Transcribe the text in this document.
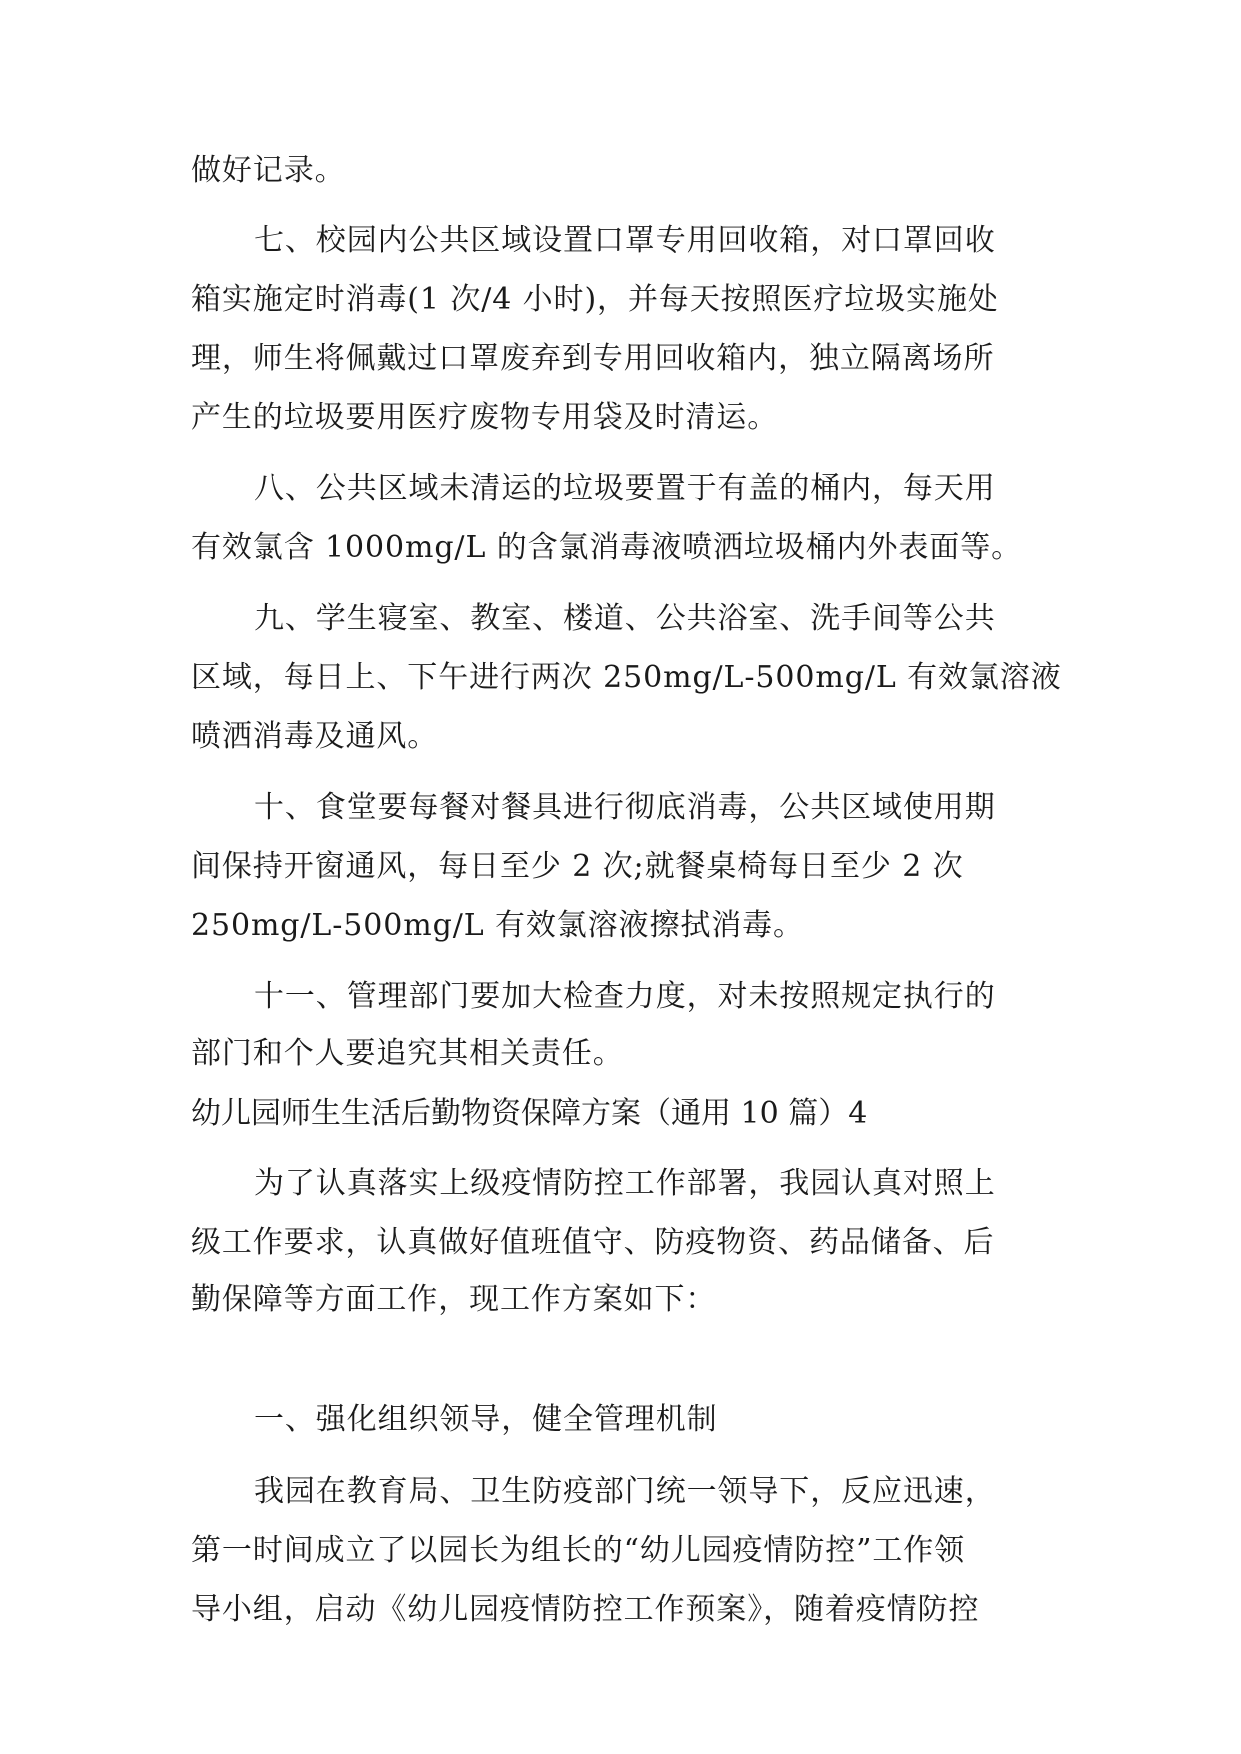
做好记录。
七、校园内公共区域设置口罩专用回收箱，对口罩回收
箱实施定时消毒(1 次/4 小时)，并每天按照医疗垃圾实施处
理，师生将佩戴过口罩废弃到专用回收箱内，独立隔离场所
产生的垃圾要用医疗废物专用袋及时清运。
八、公共区域未清运的垃圾要置于有盖的桶内，每天用
有效氯含 1000mg/L 的含氯消毒液喷洒垃圾桶内外表面等。
九、学生寝室、教室、楼道、公共浴室、洗手间等公共
区域，每日上、下午进行两次 250mg/L-500mg/L 有效氯溶液
喷洒消毒及通风。
十、食堂要每餐对餐具进行彻底消毒，公共区域使用期
间保持开窗通风，每日至少 2 次;就餐桌椅每日至少 2 次
250mg/L-500mg/L 有效氯溶液擦拭消毒。
十一、管理部门要加大检查力度，对未按照规定执行的
部门和个人要追究其相关责任。
幼儿园师生生活后勤物资保障方案（通用 10 篇）4
为了认真落实上级疫情防控工作部署，我园认真对照上
级工作要求，认真做好值班值守、防疫物资、药品储备、后
勤保障等方面工作，现工作方案如下：
一、强化组织领导，健全管理机制
我园在教育局、卫生防疫部门统一领导下，反应迅速，
第一时间成立了以园长为组长的“幼儿园疫情防控”工作领
导小组，启动《幼儿园疫情防控工作预案》，随着疫情防控
